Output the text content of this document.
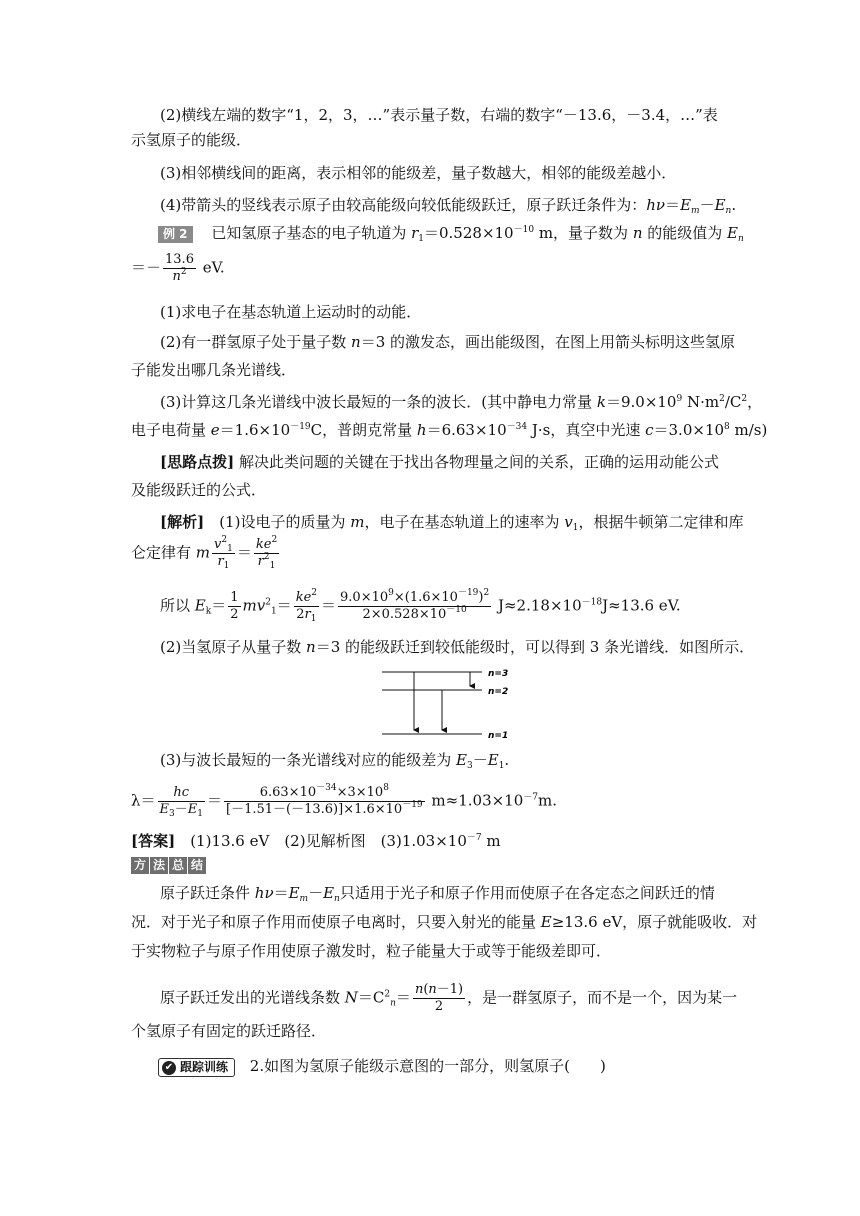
(2)横线左端的数字“1，2，3，…”表示量子数，右端的数字“－13.6，－3.4，…”表
示氢原子的能级．
(3)相邻横线间的距离，表示相邻的能级差，量子数越大，相邻的能级差越小．
(4)带箭头的竖线表示原子由较高能级向较低能级跃迁，原子跃迁条件为：$h\nu=E_m-E_n$.
例 2 已知氢原子基态的电子轨道为 $r_1=0.528\times 10^{-10}$ m，量子数为 n 的能级值为 $E_n$
＝－ $\frac{13.6}{n^2}$ eV.
(1)求电子在基态轨道上运动时的动能．
(2)有一群氢原子处于量子数 n＝3 的激发态，画出能级图，在图上用箭头标明这些氢原
子能发出哪几条光谱线．
(3)计算这几条光谱线中波长最短的一条的波长．(其中静电力常量 $k=9.0\times 10^9$ $N\cdot m^2/C^2$，
电子电荷量 $e=1.6\times 10^{-19}C$，普朗克常量 $h=6.63\times 10^{-34}$ J·s，真空中光速 $c=3.0\times 10^8$ m/s)
[思路点拨] 解决此类问题的关键在于找出各物理量之间的关系，正确的运用动能公式
及能级跃迁的公式．
[解析]　(1)设电子的质量为 m，电子在基态轨道上的速率为 $v_1$，根据牛顿第二定律和库
仑定律有 m $\frac{v^2_1}{r_1} = \frac{ke^2}{r^2_1}$
所以 $E_k= \frac{1}{2} mv^2_1= \frac{ke^2}{2r_1} = \frac{9.0\times 10^9\times(1.6\times 10^{-19})^2}{2\times 0.528\times 10^{-10}} J\approx 2.18\times 10^{-18}J\approx 13.6$ eV.
(2)当氢原子从量子数 n＝3 的能级跃迁到较低能级时，可以得到 3 条光谱线．如图所示．
n=3
n=2
n=1
(3)与波长最短的一条光谱线对应的能级差为 $E_3-E_1$.
$\lambda= \frac{hc}{E_3-E_1} = \frac{6.63\times 10^{-34}\times 3\times 10^8}{[-1.51-(-13.6)]\times 1.6\times 10^{-19}} m\approx 1.03\times 10^{-7}m$.
[答案]　(1)13.6 eV　(2)见解析图　$(3)1.03\times 10^{-7}$ m
方 法 总 结
原子跃迁条件 $h\nu=E_m-E_n$只适用于光子和原子作用而使原子在各定态之间跃迁的情
况．对于光子和原子作用而使原子电离时，只要入射光的能量 E≥13.6 eV，原子就能吸收．对
于实物粒子与原子作用使原子激发时，粒子能量大于或等于能级差即可．
原子跃迁发出的光谱线条数 $N=C^2_n= \frac{n(n-1)}{2}$ ，是一群氢原子，而不是一个，因为某一
个氢原子有固定的跃迁路径．
✔ 跟踪训练 2.如图为氢原子能级示意图的一部分，则氢原子(　　)
